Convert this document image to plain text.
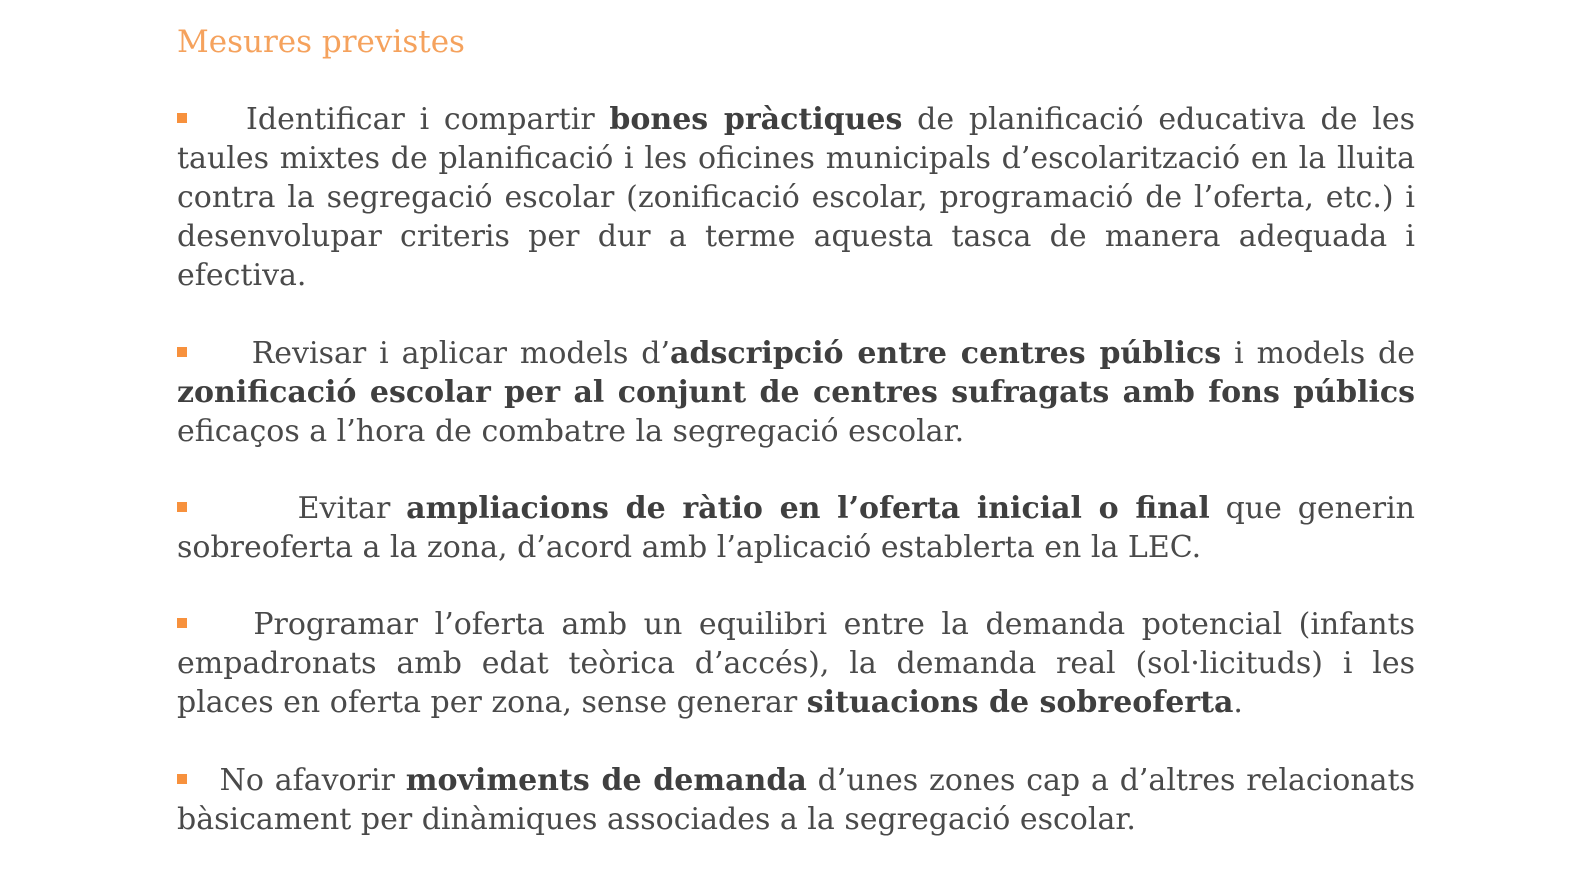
Mesures previstes
Identificar i compartir bones pràctiques de planificació educativa de les taules mixtes de planificació i les oficines municipals d’escolarització en la lluita contra la segregació escolar (zonificació escolar, programació de l’oferta, etc.) i desenvolupar criteris per dur a terme aquesta tasca de manera adequada i efectiva.
Revisar i aplicar models d’adscripció entre centres públics i models de zonificació escolar per al conjunt de centres sufragats amb fons públics eficaços a l’hora de combatre la segregació escolar.
Evitar ampliacions de ràtio en l’oferta inicial o final que generin sobreoferta a la zona, d’acord amb l’aplicació establerta en la LEC.
Programar l’oferta amb un equilibri entre la demanda potencial (infants empadronats amb edat teòrica d’accés), la demanda real (sol·licituds) i les places en oferta per zona, sense generar situacions de sobreoferta.
No afavorir moviments de demanda d’unes zones cap a d’altres relacionats bàsicament per dinàmiques associades a la segregació escolar.
